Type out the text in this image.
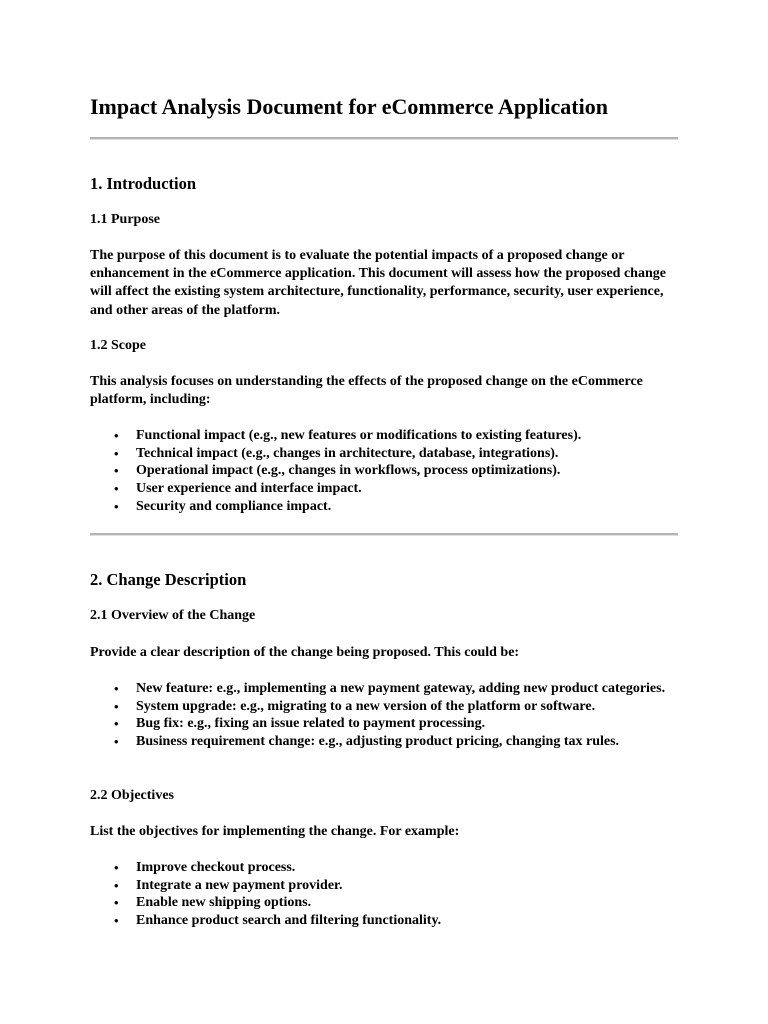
Impact Analysis Document for eCommerce Application
1. Introduction
1.1 Purpose

The purpose of this document is to evaluate the potential impacts of a proposed change or enhancement in the eCommerce application. This document will assess how the proposed change will affect the existing system architecture, functionality, performance, security, user experience, and other areas of the platform.

1.2 Scope

This analysis focuses on understanding the effects of the proposed change on the eCommerce platform, including:

• Functional impact (e.g., new features or modifications to existing features).
• Technical impact (e.g., changes in architecture, database, integrations).
• Operational impact (e.g., changes in workflows, process optimizations).
• User experience and interface impact.
• Security and compliance impact.
2. Change Description
2.1 Overview of the Change

Provide a clear description of the change being proposed. This could be:

• New feature: e.g., implementing a new payment gateway, adding new product categories.
• System upgrade: e.g., migrating to a new version of the platform or software.
• Bug fix: e.g., fixing an issue related to payment processing.
• Business requirement change: e.g., adjusting product pricing, changing tax rules.
2.2 Objectives

List the objectives for implementing the change. For example:

• Improve checkout process.
• Integrate a new payment provider.
• Enable new shipping options.
• Enhance product search and filtering functionality.
